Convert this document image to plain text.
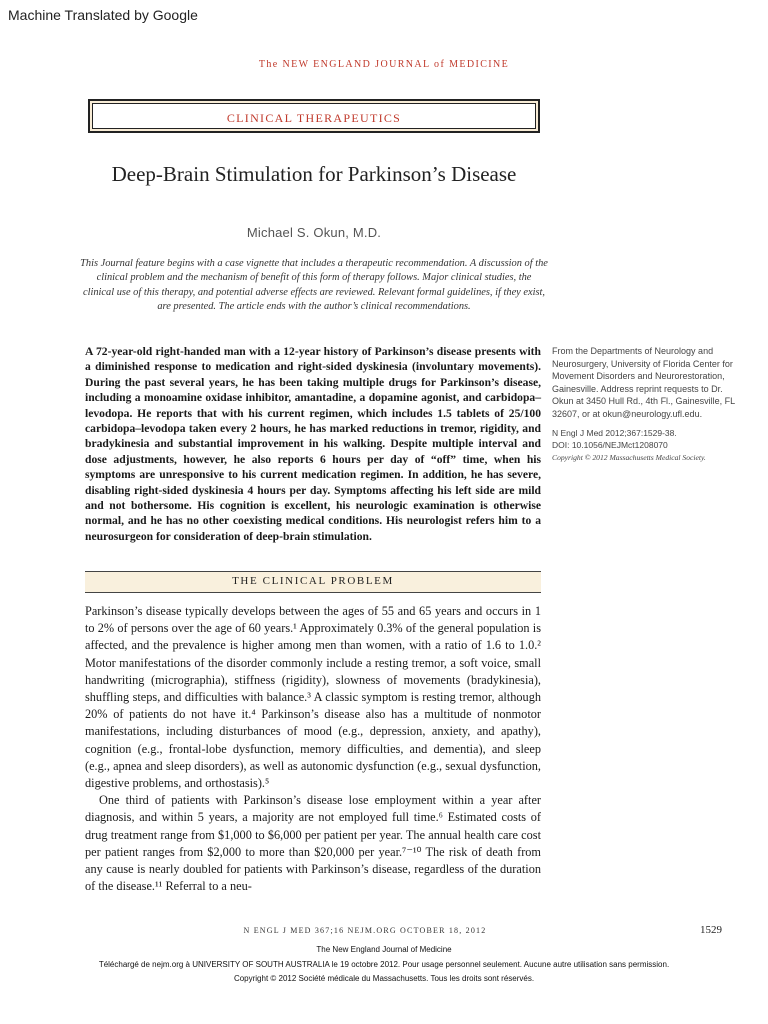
Machine Translated by Google
The NEW ENGLAND JOURNAL of MEDICINE
CLINICAL THERAPEUTICS
Deep-Brain Stimulation for Parkinson’s Disease
Michael S. Okun, M.D.
This Journal feature begins with a case vignette that includes a therapeutic recommendation. A discussion of the clinical problem and the mechanism of benefit of this form of therapy follows. Major clinical studies, the clinical use of this therapy, and potential adverse effects are reviewed. Relevant formal guidelines, if they exist, are presented. The article ends with the author’s clinical recommendations.
A 72-year-old right-handed man with a 12-year history of Parkinson’s disease presents with a diminished response to medication and right-sided dyskinesia (involuntary movements). During the past several years, he has been taking multiple drugs for Parkinson’s disease, including a monoamine oxidase inhibitor, amantadine, a dopamine agonist, and carbidopa–levodopa. He reports that with his current regimen, which includes 1.5 tablets of 25/100 carbidopa–levodopa taken every 2 hours, he has marked reductions in tremor, rigidity, and bradykinesia and substantial improvement in his walking. Despite multiple interval and dose adjustments, however, he also reports 6 hours per day of “off” time, when his symptoms are unresponsive to his current medication regimen. In addition, he has severe, disabling right-sided dyskinesia 4 hours per day. Symptoms affecting his left side are mild and not bothersome. His cognition is excellent, his neurologic examination is otherwise normal, and he has no other coexisting medical conditions. His neurologist refers him to a neurosurgeon for consideration of deep-brain stimulation.

From the Departments of Neurology and Neurosurgery, University of Florida Center for Movement Disorders and Neurorestoration, Gainesville. Address reprint requests to Dr. Okun at 3450 Hull Rd., 4th Fl., Gainesville, FL 32607, or at okun@neurology.ufl.edu.

N Engl J Med 2012;367:1529-38.

DOI: 10.1056/NEJMct1208070

Copyright © 2012 Massachusetts Medical Society.

THE CLINICAL PROBLEM

Parkinson’s disease typically develops between the ages of 55 and 65 years and occurs in 1 to 2% of persons over the age of 60 years.¹ Approximately 0.3% of the general population is affected, and the prevalence is higher among men than women, with a ratio of 1.6 to 1.0.² Motor manifestations of the disorder commonly include a resting tremor, a soft voice, small handwriting (micrographia), stiffness (rigidity), slowness of movements (bradykinesia), shuffling steps, and difficulties with balance.³ A classic symptom is resting tremor, although 20% of patients do not have it.⁴ Parkinson’s disease also has a multitude of nonmotor manifestations, including disturbances of mood (e.g., depression, anxiety, and apathy), cognition (e.g., frontal-lobe dysfunction, memory difficulties, and dementia), and sleep (e.g., apnea and sleep disorders), as well as autonomic dysfunction (e.g., sexual dysfunction, digestive problems, and orthostasis).⁵

One third of patients with Parkinson’s disease lose employment within a year after diagnosis, and within 5 years, a majority are not employed full time.⁶ Estimated costs of drug treatment range from $1,000 to $6,000 per patient per year. The annual health care cost per patient ranges from $2,000 to more than $20,000 per year.⁷⁻¹⁰ The risk of death from any cause is nearly doubled for patients with Parkinson’s disease, regardless of the duration of the disease.¹¹ Referral to a neu-

N ENGL J MED 367;16 NEJM.ORG OCTOBER 18, 2012	1529
The New England Journal of Medicine
Téléchargé de nejm.org à UNIVERSITY OF SOUTH AUSTRALIA le 19 octobre 2012. Pour usage personnel seulement. Aucune autre utilisation sans permission.
Copyright © 2012 Société médicale du Massachusetts. Tous les droits sont réservés.
